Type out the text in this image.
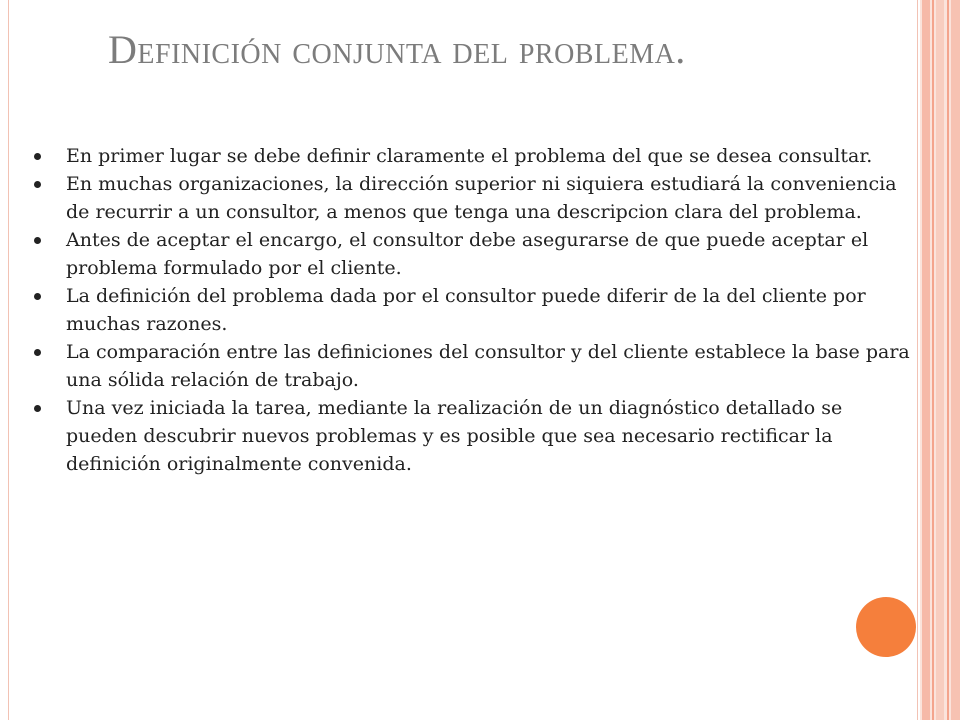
Definición conjunta del problema.
En primer lugar se debe definir claramente el problema del que se desea consultar.
En muchas organizaciones, la dirección superior ni siquiera estudiará la conveniencia de recurrir a un consultor, a menos que tenga una descripcion clara del problema.
Antes de aceptar el encargo, el consultor debe asegurarse de que puede aceptar el problema formulado por el cliente.
La definición del problema dada por el consultor puede diferir de la del cliente por muchas razones.
La comparación entre las definiciones del consultor y del cliente establece la base para una sólida relación de trabajo.
Una vez iniciada la tarea, mediante la realización de un diagnóstico detallado se pueden descubrir nuevos problemas y es posible que sea necesario rectificar la definición originalmente convenida.
